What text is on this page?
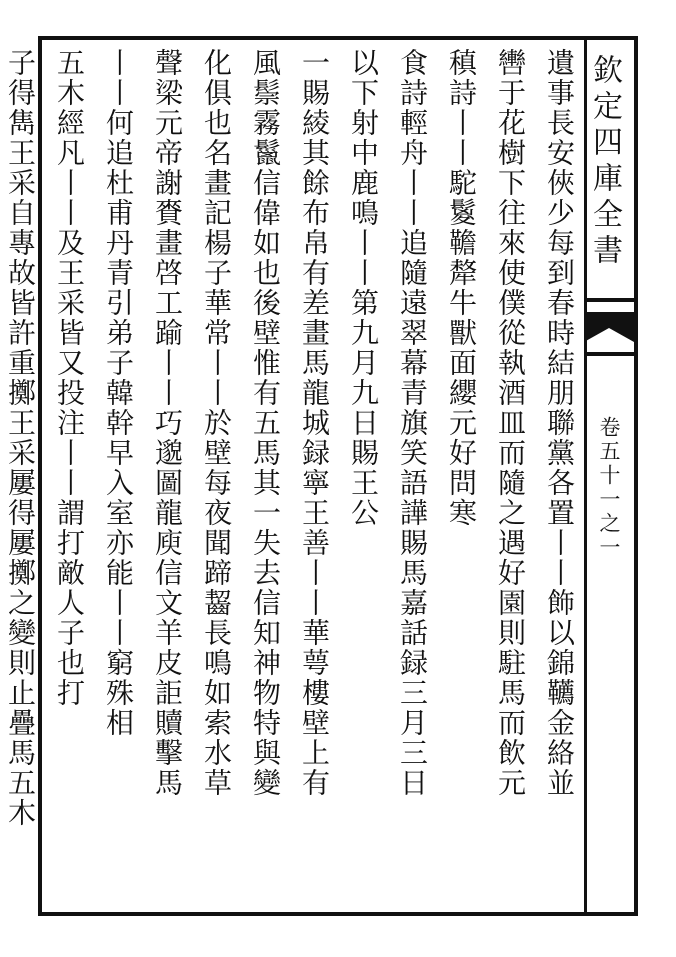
欽定四庫全書
卷五十一之一
遺事長安俠少每到春時結朋聯黨各置丨丨飾以錦韉金絡並
轡于花樹下往來使僕從執酒皿而隨之遇好園則駐馬而飲元
稹詩丨丨駝鬉韂犛牛獸面纓元好問寒
食詩輕舟丨丨追隨遠翠幕青旗笑語譁賜馬嘉話録三月三日
以下射中鹿鳴丨丨第九月九日賜王公
一賜綾其餘布帛有差畫馬龍城録寧王善丨丨華萼樓壁上有
風鬃霧鬣信偉如也後壁惟有五馬其一失去信知神物特與變
化俱也名畫記楊子華常丨丨於壁每夜聞蹄齧長鳴如索水草
聲梁元帝謝賚畫啓工踰丨丨巧邈圖龍庾信文羊皮詎贖擊馬
丨丨何追杜甫丹青引弟子韓幹早入室亦能丨丨窮殊相
五木經凡丨丨及王采皆又投注丨丨謂打敵人子也打
子得雋王采自專故皆許重擲王采屢得屢擲之變則止疊馬五木
